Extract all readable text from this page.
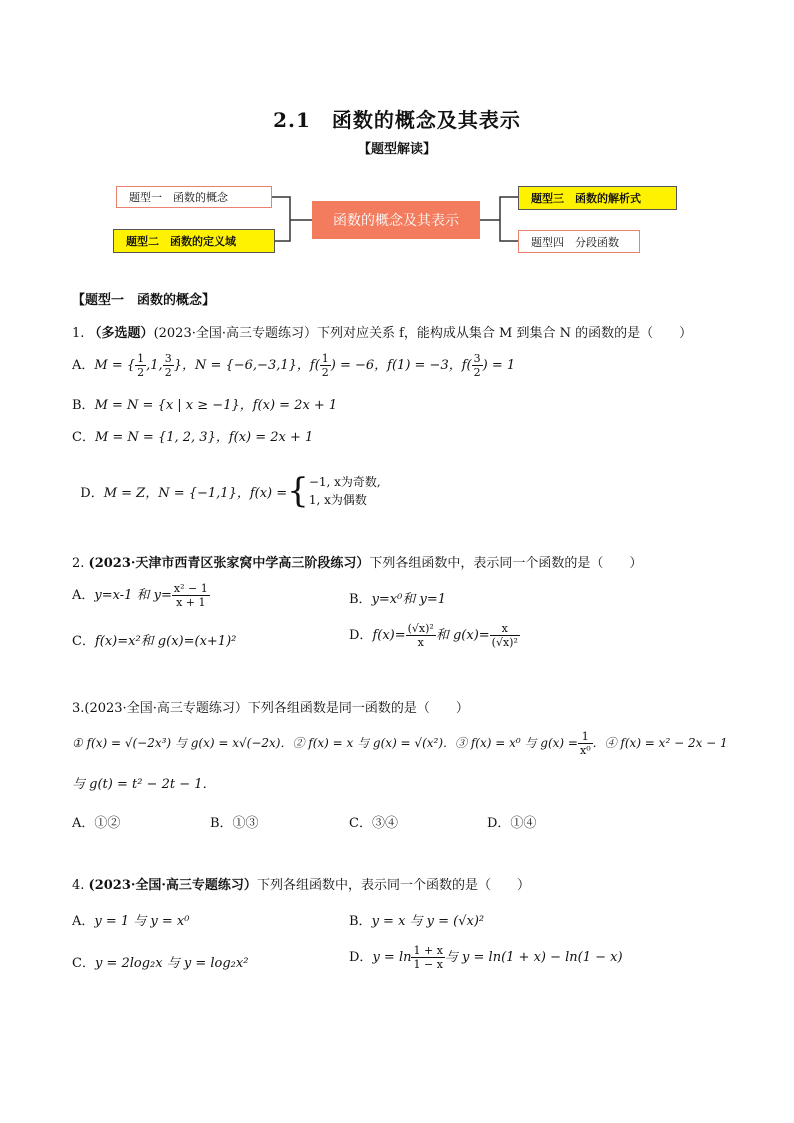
2.1　函数的概念及其表示
【题型解读】
题型一　函数的概念
题型二　函数的定义域
函数的概念及其表示
题型三　函数的解析式
题型四　分段函数
【题型一　函数的概念】
1. （多选题）(2023·全国·高三专题练习）下列对应关系 f，能构成从集合 M 到集合 N 的函数的是（　　）
A．M = { $\frac{1}{2} ,1$, $\frac{3}{2}$ }，N = {−6,−3,1}，$f( \frac{1}{2}$ ) = −6，f(1) = −3，$f( \frac{3}{2}$ ) = 1
B．M = N = {x | x ≥ −1}，f(x) = 2x + 1
C．M = N = {1, 2, 3}，f(x) = 2x + 1

D．M = Z，N = {−1,1}，f(x) ={ −1, x为奇数,
1, x为偶数

2. (2023·天津市西青区张家窝中学高三阶段练习）下列各组函数中，表示同一个函数的是（　　）
A．y=x-1 和 $y= \frac{\text{x² − 1}}{x + 1}$	B．y=x⁰和 y=1
C．f(x)=x²和 g(x)=(x+1)²	D．$f(x)= \frac{\text{(√x)²}}{x}$ 和 $g(x)= \frac{x}{\text{(√x)²}}$
3.(2023·全国·高三专题练习）下列各组函数是同一函数的是（　　）
① f(x) = √(−2x³) 与 g(x) = x√(−2x)．② f(x) = x 与 g(x) = √(x²)．③ f(x) = x⁰ 与 $g(x) = \frac{1}{\text{x⁰}}$ ．④ f(x) = x² − 2x − 1
与 g(t) = t² − 2t − 1．
A．①②	B．①③	C．③④	D．①④
4. (2023·全国·高三专题练习）下列各组函数中，表示同一个函数的是（　　）
A．y = 1 与 y = x⁰	B．y = x 与 y = (√x)²
C．y = 2log₂x 与 y = log₂x²	D．$y = \ln \frac{1 + x}{1 - x}$ 与 y = ln(1 + x) − ln(1 − x)
